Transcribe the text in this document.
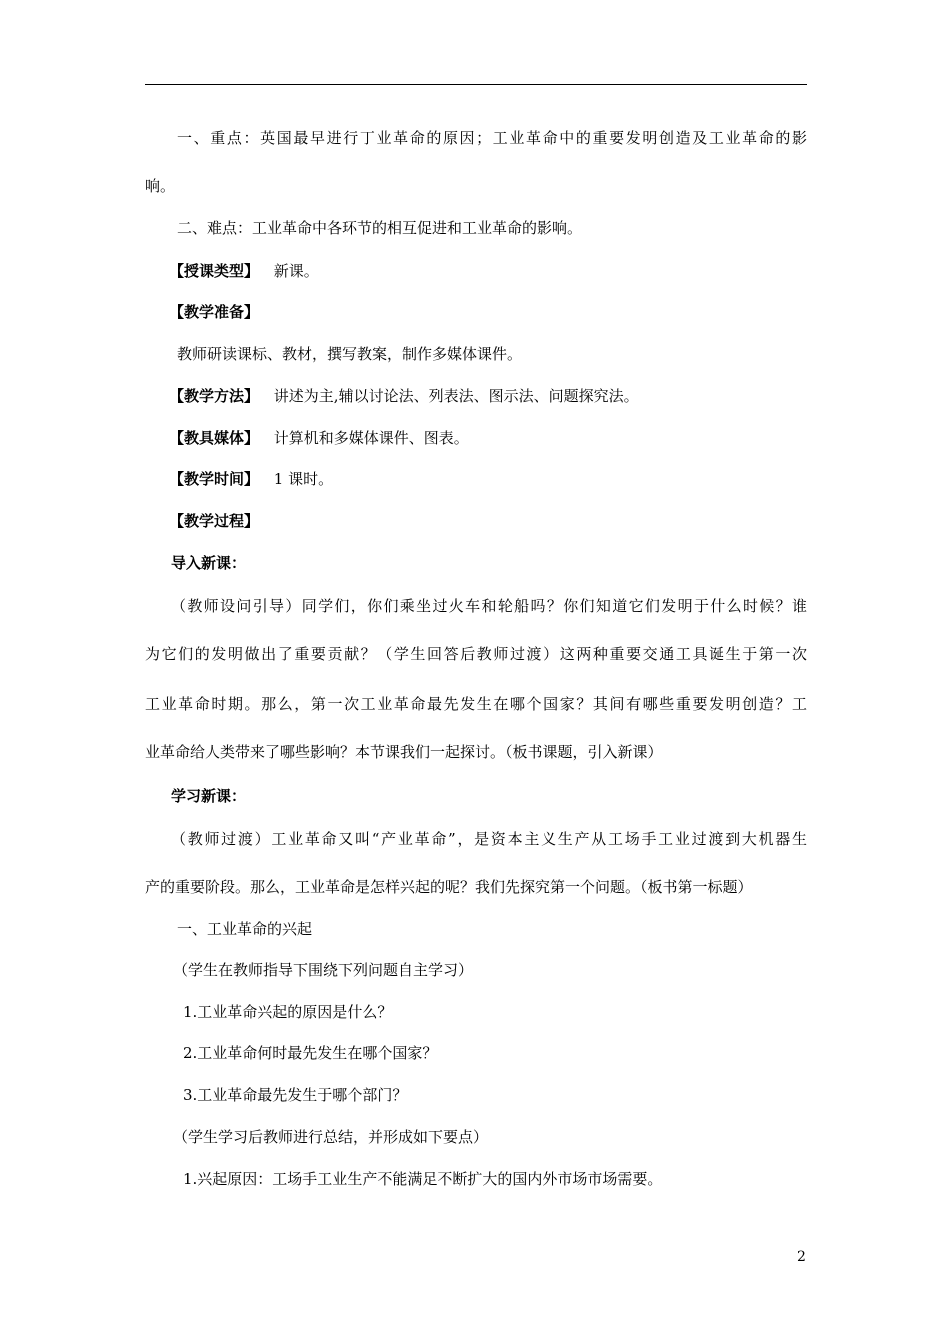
一、重点：英国最早进行丁业革命的原因；工业革命中的重要发明创造及工业革命的影
响。
二、难点：工业革命中各环节的相互促进和工业革命的影响。
【授课类型】 新课。
【教学准备】
教师研读课标、教材，撰写教案，制作多媒体课件。
【教学方法】 讲述为主,辅以讨论法、列表法、图示法、问题探究法。
【教具媒体】 计算机和多媒体课件、图表。
【教学时间】 1 课时。
【教学过程】
导入新课：
（教师设问引导）同学们，你们乘坐过火车和轮船吗？你们知道它们发明于什么时候？谁
为它们的发明做出了重要贡献？（学生回答后教师过渡）这两种重要交通工具诞生于第一次
工业革命时期。那么，第一次工业革命最先发生在哪个国家？其间有哪些重要发明创造？工
业革命给人类带来了哪些影响？本节课我们一起探讨。（板书课题，引入新课）
学习新课：
（教师过渡）工业革命又叫“产业革命”，是资本主义生产从工场手工业过渡到大机器生
产的重要阶段。那么，工业革命是怎样兴起的呢？我们先探究第一个问题。（板书第一标题）
一、工业革命的兴起
（学生在教师指导下围绕下列问题自主学习）
1.工业革命兴起的原因是什么？
2.工业革命何时最先发生在哪个国家？
3.工业革命最先发生于哪个部门？
（学生学习后教师进行总结，并形成如下要点）
1.兴起原因：工场手工业生产不能满足不断扩大的国内外市场市场需要。
2
